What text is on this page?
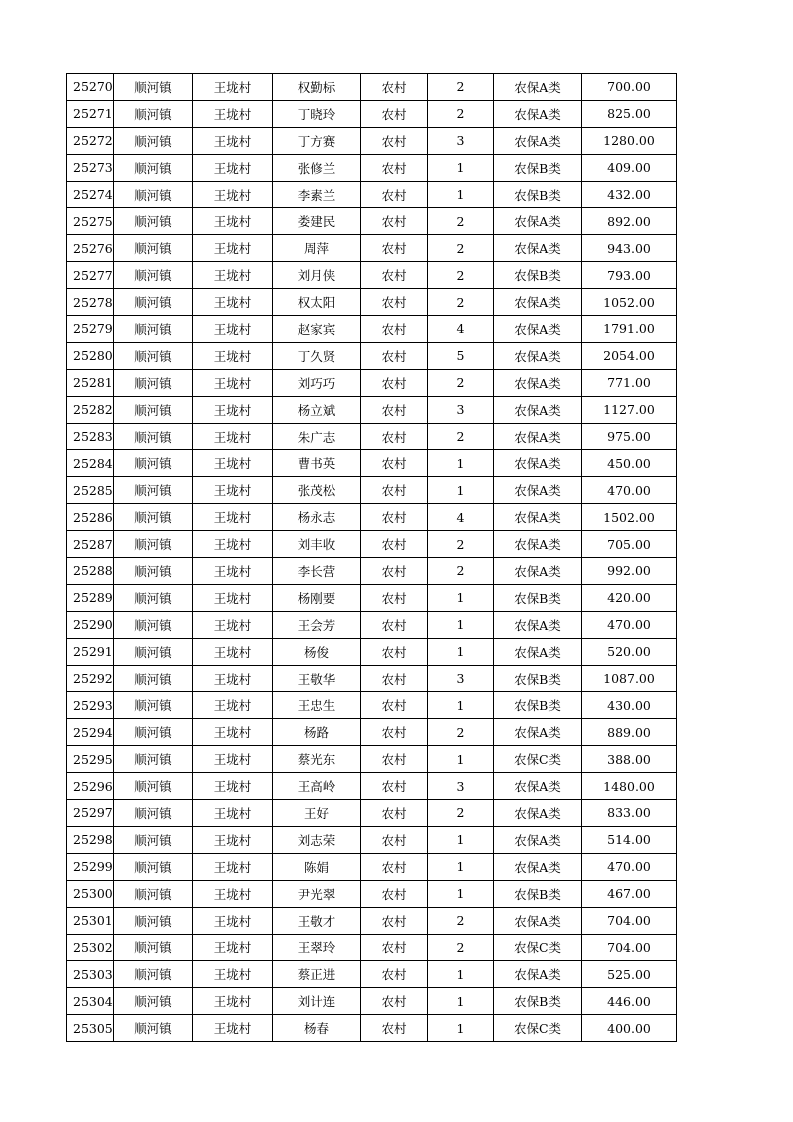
25270	顺河镇	王垅村	权勤标	农村	2	农保A类	700.00
25271	顺河镇	王垅村	丁晓玲	农村	2	农保A类	825.00
25272	顺河镇	王垅村	丁方赛	农村	3	农保A类	1280.00
25273	顺河镇	王垅村	张修兰	农村	1	农保B类	409.00
25274	顺河镇	王垅村	李素兰	农村	1	农保B类	432.00
25275	顺河镇	王垅村	娄建民	农村	2	农保A类	892.00
25276	顺河镇	王垅村	周萍	农村	2	农保A类	943.00
25277	顺河镇	王垅村	刘月侠	农村	2	农保B类	793.00
25278	顺河镇	王垅村	权太阳	农村	2	农保A类	1052.00
25279	顺河镇	王垅村	赵家宾	农村	4	农保A类	1791.00
25280	顺河镇	王垅村	丁久贤	农村	5	农保A类	2054.00
25281	顺河镇	王垅村	刘巧巧	农村	2	农保A类	771.00
25282	顺河镇	王垅村	杨立斌	农村	3	农保A类	1127.00
25283	顺河镇	王垅村	朱广志	农村	2	农保A类	975.00
25284	顺河镇	王垅村	曹书英	农村	1	农保A类	450.00
25285	顺河镇	王垅村	张茂松	农村	1	农保A类	470.00
25286	顺河镇	王垅村	杨永志	农村	4	农保A类	1502.00
25287	顺河镇	王垅村	刘丰收	农村	2	农保A类	705.00
25288	顺河镇	王垅村	李长营	农村	2	农保A类	992.00
25289	顺河镇	王垅村	杨刚要	农村	1	农保B类	420.00
25290	顺河镇	王垅村	王会芳	农村	1	农保A类	470.00
25291	顺河镇	王垅村	杨俊	农村	1	农保A类	520.00
25292	顺河镇	王垅村	王敬华	农村	3	农保B类	1087.00
25293	顺河镇	王垅村	王忠生	农村	1	农保B类	430.00
25294	顺河镇	王垅村	杨路	农村	2	农保A类	889.00
25295	顺河镇	王垅村	蔡光东	农村	1	农保C类	388.00
25296	顺河镇	王垅村	王高岭	农村	3	农保A类	1480.00
25297	顺河镇	王垅村	王好	农村	2	农保A类	833.00
25298	顺河镇	王垅村	刘志荣	农村	1	农保A类	514.00
25299	顺河镇	王垅村	陈娟	农村	1	农保A类	470.00
25300	顺河镇	王垅村	尹光翠	农村	1	农保B类	467.00
25301	顺河镇	王垅村	王敬才	农村	2	农保A类	704.00
25302	顺河镇	王垅村	王翠玲	农村	2	农保C类	704.00
25303	顺河镇	王垅村	蔡正进	农村	1	农保A类	525.00
25304	顺河镇	王垅村	刘计连	农村	1	农保B类	446.00
25305	顺河镇	王垅村	杨春	农村	1	农保C类	400.00
